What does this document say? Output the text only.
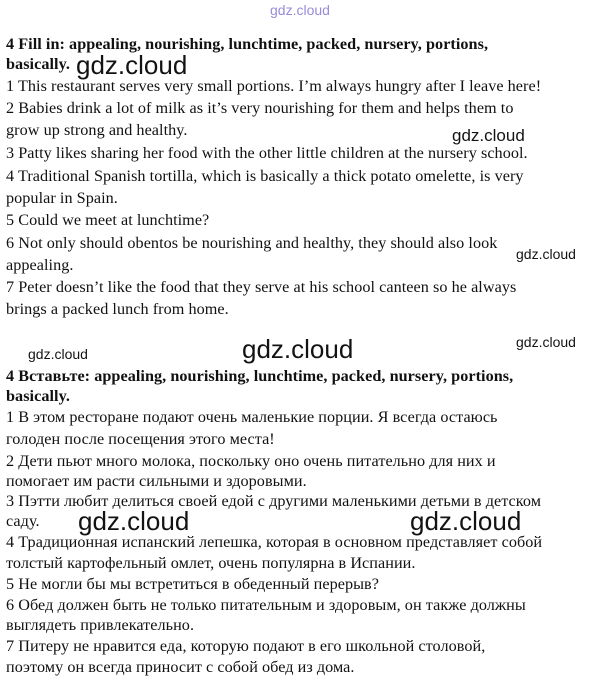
gdz.cloud
gdz.cloud
gdz.cloud
gdz.cloud
gdz.cloud
gdz.cloud	gdz.cloud
gdz.cloud	gdz.cloud
4 Fill in: appealing, nourishing, lunchtime, packed, nursery, portions,
basically.
1 This restaurant serves very small portions. I’m always hungry after I leave here!
2 Babies drink a lot of milk as it’s very nourishing for them and helps them to
grow up strong and healthy.
3 Patty likes sharing her food with the other little children at the nursery school.
4 Traditional Spanish tortilla, which is basically a thick potato omelette, is very
popular in Spain.
5 Could we meet at lunchtime?
6 Not only should obentos be nourishing and healthy, they should also look
appealing.
7 Peter doesn’t like the food that they serve at his school canteen so he always
brings a packed lunch from home.
4 Вставьте: appealing, nourishing, lunchtime, packed, nursery, portions,
basically.
1 В этом ресторане подают очень маленькие порции. Я всегда остаюсь
голоден после посещения этого места!
2 Дети пьют много молока, поскольку оно очень питательно для них и
помогает им расти сильными и здоровыми.
3 Пэтти любит делиться своей едой с другими маленькими детьми в детском
саду.
4 Традиционная испанский лепешка, которая в основном представляет собой
толстый картофельный омлет, очень популярна в Испании.
5 Не могли бы мы встретиться в обеденный перерыв?
6 Обед должен быть не только питательным и здоровым, он также должны
выглядеть привлекательно.
7 Питеру не нравится еда, которую подают в его школьной столовой,
поэтому он всегда приносит с собой обед из дома.
